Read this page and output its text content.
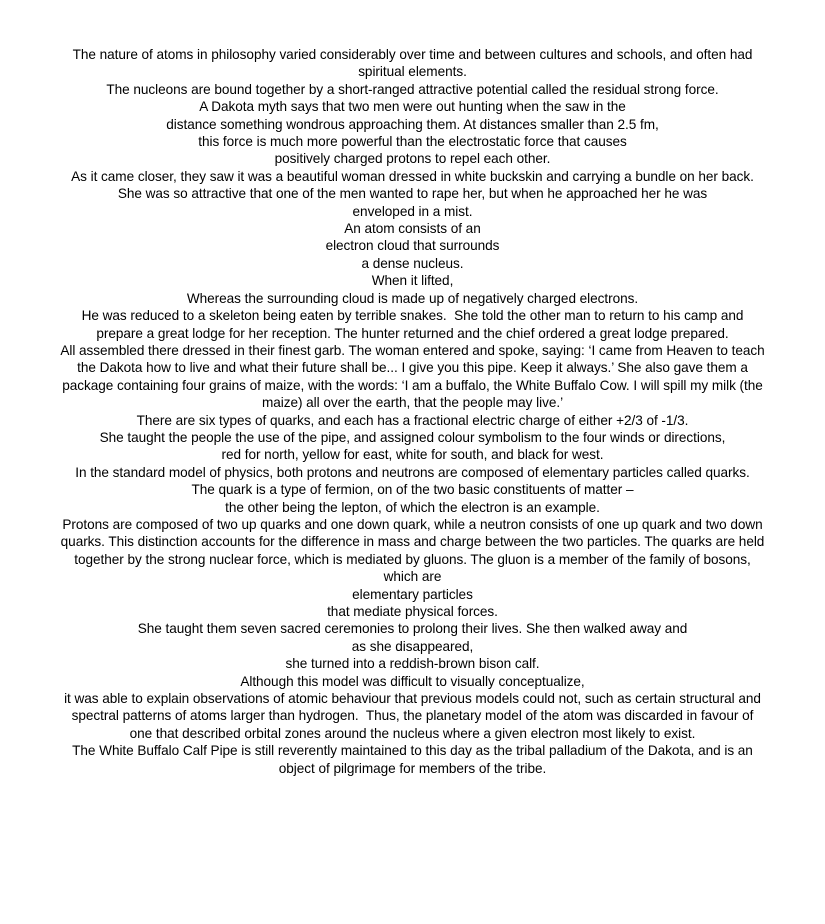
The nature of atoms in philosophy varied considerably over time and between cultures and schools, and often had
spiritual elements.
The nucleons are bound together by a short-ranged attractive potential called the residual strong force.
A Dakota myth says that two men were out hunting when the saw in the
distance something wondrous approaching them. At distances smaller than 2.5 fm,
this force is much more powerful than the electrostatic force that causes
positively charged protons to repel each other.
As it came closer, they saw it was a beautiful woman dressed in white buckskin and carrying a bundle on her back.
She was so attractive that one of the men wanted to rape her, but when he approached her he was
enveloped in a mist.
An atom consists of an
electron cloud that surrounds
a dense nucleus.
When it lifted,
Whereas the surrounding cloud is made up of negatively charged electrons.
He was reduced to a skeleton being eaten by terrible snakes.  She told the other man to return to his camp and
prepare a great lodge for her reception. The hunter returned and the chief ordered a great lodge prepared.
All assembled there dressed in their finest garb. The woman entered and spoke, saying: ‘I came from Heaven to teach
the Dakota how to live and what their future shall be... I give you this pipe. Keep it always.’ She also gave them a
package containing four grains of maize, with the words: ‘I am a buffalo, the White Buffalo Cow. I will spill my milk (the
maize) all over the earth, that the people may live.’
There are six types of quarks, and each has a fractional electric charge of either +2/3 of -1/3.
She taught the people the use of the pipe, and assigned colour symbolism to the four winds or directions,
red for north, yellow for east, white for south, and black for west.
In the standard model of physics, both protons and neutrons are composed of elementary particles called quarks.
The quark is a type of fermion, on of the two basic constituents of matter –
the other being the lepton, of which the electron is an example.
Protons are composed of two up quarks and one down quark, while a neutron consists of one up quark and two down
quarks. This distinction accounts for the difference in mass and charge between the two particles. The quarks are held
together by the strong nuclear force, which is mediated by gluons. The gluon is a member of the family of bosons,
which are
elementary particles
that mediate physical forces.
She taught them seven sacred ceremonies to prolong their lives. She then walked away and
as she disappeared,
she turned into a reddish-brown bison calf.
Although this model was difficult to visually conceptualize,
it was able to explain observations of atomic behaviour that previous models could not, such as certain structural and
spectral patterns of atoms larger than hydrogen.  Thus, the planetary model of the atom was discarded in favour of
one that described orbital zones around the nucleus where a given electron most likely to exist.
The White Buffalo Calf Pipe is still reverently maintained to this day as the tribal palladium of the Dakota, and is an
object of pilgrimage for members of the tribe.
